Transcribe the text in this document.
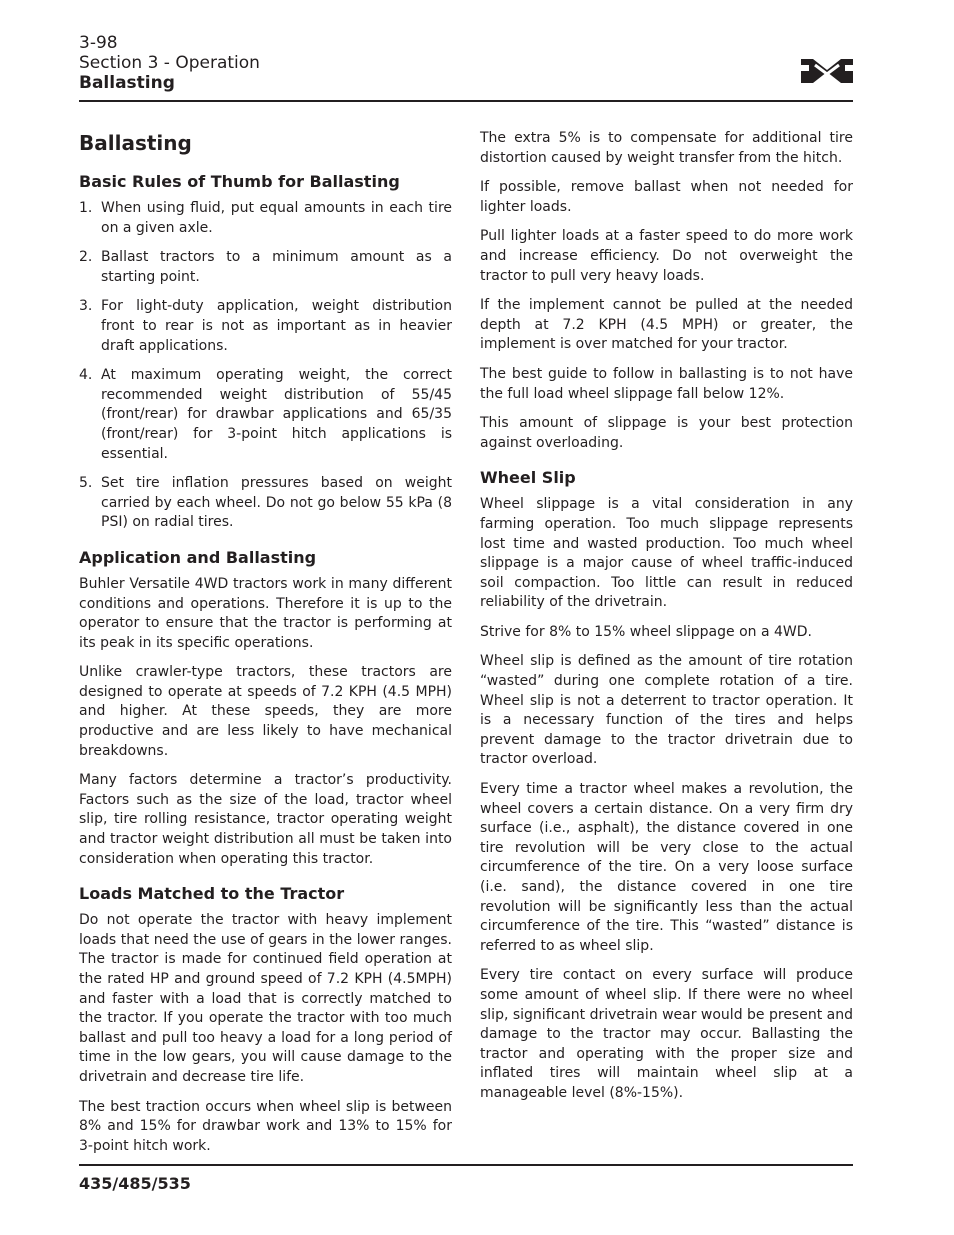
3-98
Section 3 - Operation
Ballasting
Ballasting
Basic Rules of Thumb for Ballasting
1. When using fluid, put equal amounts in each tire on a given axle.
2. Ballast tractors to a minimum amount as a starting point.
3. For light-duty application, weight distribution front to rear is not as important as in heavier draft applications.
4. At maximum operating weight, the correct recommended weight distribution of 55/45 (front/rear) for drawbar applications and 65/35 (front/rear) for 3-point hitch applications is essential.
5. Set tire inflation pressures based on weight carried by each wheel. Do not go below 55 kPa (8 PSI) on radial tires.
Application and Ballasting

Buhler Versatile 4WD tractors work in many different conditions and operations. Therefore it is up to the operator to ensure that the tractor is performing at its peak in its specific operations.

Unlike crawler-type tractors, these tractors are designed to operate at speeds of 7.2 KPH (4.5 MPH) and higher. At these speeds, they are more productive and are less likely to have mechanical breakdowns.

Many factors determine a tractor’s productivity. Factors such as the size of the load, tractor wheel slip, tire rolling resistance, tractor operating weight and tractor weight distribution all must be taken into consideration when operating this tractor.

Loads Matched to the Tractor

Do not operate the tractor with heavy implement loads that need the use of gears in the lower ranges. The tractor is made for continued field operation at the rated HP and ground speed of 7.2 KPH (4.5MPH) and faster with a load that is correctly matched to the tractor. If you operate the tractor with too much ballast and pull too heavy a load for a long period of time in the low gears, you will cause damage to the drivetrain and decrease tire life.

The best traction occurs when wheel slip is between 8% and 15% for drawbar work and 13% to 15% for 3-point hitch work.

The extra 5% is to compensate for additional tire distortion caused by weight transfer from the hitch.

If possible, remove ballast when not needed for lighter loads.

Pull lighter loads at a faster speed to do more work and increase efficiency. Do not overweight the tractor to pull very heavy loads.

If the implement cannot be pulled at the needed depth at 7.2 KPH (4.5 MPH) or greater, the implement is over matched for your tractor.

The best guide to follow in ballasting is to not have the full load wheel slippage fall below 12%.

This amount of slippage is your best protection against overloading.

Wheel Slip

Wheel slippage is a vital consideration in any farming operation. Too much slippage represents lost time and wasted production. Too much wheel slippage is a major cause of wheel traffic-induced soil compaction. Too little can result in reduced reliability of the drivetrain.

Strive for 8% to 15% wheel slippage on a 4WD.

Wheel slip is defined as the amount of tire rotation “wasted” during one complete rotation of a tire. Wheel slip is not a deterrent to tractor operation. It is a necessary function of the tires and helps prevent damage to the tractor drivetrain due to tractor overload.

Every time a tractor wheel makes a revolution, the wheel covers a certain distance. On a very firm dry surface (i.e., asphalt), the distance covered in one tire revolution will be very close to the actual circumference of the tire. On a very loose surface (i.e. sand), the distance covered in one tire revolution will be significantly less than the actual circumference of the tire. This “wasted” distance is referred to as wheel slip.

Every tire contact on every surface will produce some amount of wheel slip. If there were no wheel slip, significant drivetrain wear would be present and damage to the tractor may occur. Ballasting the tractor and operating with the proper size and inflated tires will maintain wheel slip at a manageable level (8%-15%).

435/485/535
